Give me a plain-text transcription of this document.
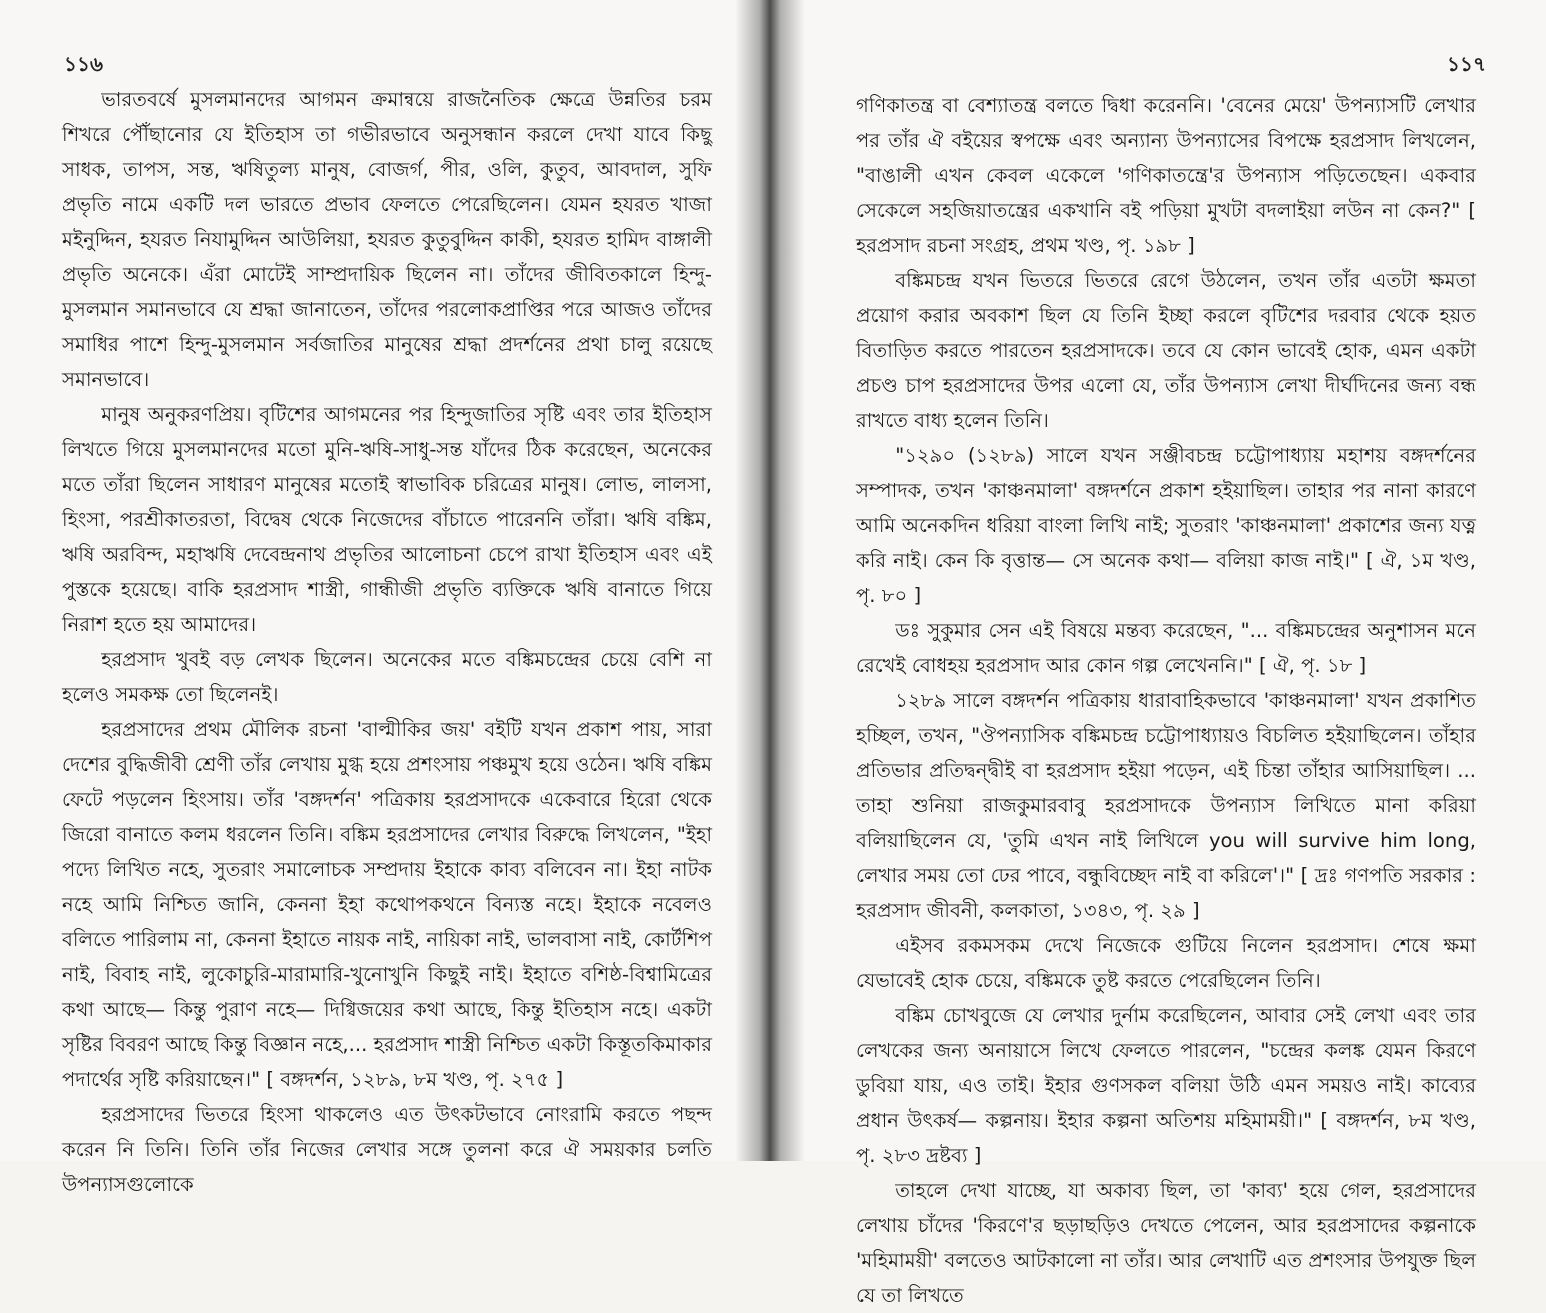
১১৬

ভারতবর্ষে মুসলমানদের আগমন ক্রমান্বয়ে রাজনৈতিক ক্ষেত্রে উন্নতির চরম শিখরে পৌঁছানোর যে ইতিহাস তা গভীরভাবে অনুসন্ধান করলে দেখা যাবে কিছু সাধক, তাপস, সন্ত, ঋষিতুল্য মানুষ, বোজর্গ, পীর, ওলি, কুতুব, আবদাল, সুফি প্রভৃতি নামে একটি দল ভারতে প্রভাব ফেলতে পেরেছিলেন। যেমন হযরত খাজা মইনুদ্দিন, হযরত নিযামুদ্দিন আউলিয়া, হযরত কুতুবুদ্দিন কাকী, হযরত হামিদ বাঙ্গালী প্রভৃতি অনেকে। এঁরা মোটেই সাম্প্রদায়িক ছিলেন না। তাঁদের জীবিতকালে হিন্দু-মুসলমান সমানভাবে যে শ্রদ্ধা জানাতেন, তাঁদের পরলোকপ্রাপ্তির পরে আজও তাঁদের সমাধির পাশে হিন্দু-মুসলমান সর্বজাতির মানুষের শ্রদ্ধা প্রদর্শনের প্রথা চালু রয়েছে সমানভাবে।

মানুষ অনুকরণপ্রিয়। বৃটিশের আগমনের পর হিন্দুজাতির সৃষ্টি এবং তার ইতিহাস লিখতে গিয়ে মুসলমানদের মতো মুনি-ঋষি-সাধু-সন্ত যাঁদের ঠিক করেছেন, অনেকের মতে তাঁরা ছিলেন সাধারণ মানুষের মতোই স্বাভাবিক চরিত্রের মানুষ। লোভ, লালসা, হিংসা, পরশ্রীকাতরতা, বিদ্বেষ থেকে নিজেদের বাঁচাতে পারেননি তাঁরা। ঋষি বঙ্কিম, ঋষি অরবিন্দ, মহাঋষি দেবেন্দ্রনাথ প্রভৃতির আলোচনা চেপে রাখা ইতিহাস এবং এই পুস্তকে হয়েছে। বাকি হরপ্রসাদ শাস্ত্রী, গান্ধীজী প্রভৃতি ব্যক্তিকে ঋষি বানাতে গিয়ে নিরাশ হতে হয় আমাদের।

হরপ্রসাদ খুবই বড় লেখক ছিলেন। অনেকের মতে বঙ্কিমচন্দ্রের চেয়ে বেশি না হলেও সমকক্ষ তো ছিলেনই।

হরপ্রসাদের প্রথম মৌলিক রচনা 'বাল্মীকির জয়' বইটি যখন প্রকাশ পায়, সারা দেশের বুদ্ধিজীবী শ্রেণী তাঁর লেখায় মুগ্ধ হয়ে প্রশংসায় পঞ্চমুখ হয়ে ওঠেন। ঋষি বঙ্কিম ফেটে পড়লেন হিংসায়। তাঁর 'বঙ্গদর্শন' পত্রিকায় হরপ্রসাদকে একেবারে হিরো থেকে জিরো বানাতে কলম ধরলেন তিনি। বঙ্কিম হরপ্রসাদের লেখার বিরুদ্ধে লিখলেন, "ইহা পদ্যে লিখিত নহে, সুতরাং সমালোচক সম্প্রদায় ইহাকে কাব্য বলিবেন না। ইহা নাটক নহে আমি নিশ্চিত জানি, কেননা ইহা কথোপকথনে বিন্যস্ত নহে। ইহাকে নবেলও বলিতে পারিলাম না, কেননা ইহাতে নায়ক নাই, নায়িকা নাই, ভালবাসা নাই, কোর্টশিপ নাই, বিবাহ নাই, লুকোচুরি-মারামারি-খুনোখুনি কিছুই নাই। ইহাতে বশিষ্ঠ-বিশ্বামিত্রের কথা আছে— কিন্তু পুরাণ নহে— দিগ্বিজয়ের কথা আছে, কিন্তু ইতিহাস নহে। একটা সৃষ্টির বিবরণ আছে কিন্তু বিজ্ঞান নহে,... হরপ্রসাদ শাস্ত্রী নিশ্চিত একটা কিস্তূতকিমাকার পদার্থের সৃষ্টি করিয়াছেন।" [ বঙ্গদর্শন, ১২৮৯, ৮ম খণ্ড, পৃ. ২৭৫ ]

হরপ্রসাদের ভিতরে হিংসা থাকলেও এত উৎকটভাবে নোংরামি করতে পছন্দ করেন নি তিনি। তিনি তাঁর নিজের লেখার সঙ্গে তুলনা করে ঐ সময়কার চলতি উপন্যাসগুলোকে

১১৭

গণিকাতন্ত্র বা বেশ্যাতন্ত্র বলতে দ্বিধা করেননি। 'বেনের মেয়ে' উপন্যাসটি লেখার পর তাঁর ঐ বইয়ের স্বপক্ষে এবং অন্যান্য উপন্যাসের বিপক্ষে হরপ্রসাদ লিখলেন, "বাঙালী এখন কেবল একেলে 'গণিকাতন্ত্রে'র উপন্যাস পড়িতেছেন। একবার সেকেলে সহজিয়াতন্ত্রের একখানি বই পড়িয়া মুখটা বদলাইয়া লউন না কেন?" [ হরপ্রসাদ রচনা সংগ্রহ, প্রথম খণ্ড, পৃ. ১৯৮ ]

বঙ্কিমচন্দ্র যখন ভিতরে ভিতরে রেগে উঠলেন, তখন তাঁর এতটা ক্ষমতা প্রয়োগ করার অবকাশ ছিল যে তিনি ইচ্ছা করলে বৃটিশের দরবার থেকে হয়ত বিতাড়িত করতে পারতেন হরপ্রসাদকে। তবে যে কোন ভাবেই হোক, এমন একটা প্রচণ্ড চাপ হরপ্রসাদের উপর এলো যে, তাঁর উপন্যাস লেখা দীর্ঘদিনের জন্য বন্ধ রাখতে বাধ্য হলেন তিনি।

"১২৯০ (১২৮৯) সালে যখন সঞ্জীবচন্দ্র চট্টোপাধ্যায় মহাশয় বঙ্গদর্শনের সম্পাদক, তখন 'কাঞ্চনমালা' বঙ্গদর্শনে প্রকাশ হইয়াছিল। তাহার পর নানা কারণে আমি অনেকদিন ধরিয়া বাংলা লিখি নাই; সুতরাং 'কাঞ্চনমালা' প্রকাশের জন্য যত্ন করি নাই। কেন কি বৃত্তান্ত— সে অনেক কথা— বলিয়া কাজ নাই।" [ ঐ, ১ম খণ্ড, পৃ. ৮০ ]

ডঃ সুকুমার সেন এই বিষয়ে মন্তব্য করেছেন, "... বঙ্কিমচন্দ্রের অনুশাসন মনে রেখেই বোধহয় হরপ্রসাদ আর কোন গল্প লেখেননি।" [ ঐ, পৃ. ১৮ ]

১২৮৯ সালে বঙ্গদর্শন পত্রিকায় ধারাবাহিকভাবে 'কাঞ্চনমালা' যখন প্রকাশিত হচ্ছিল, তখন, "ঔপন্যাসিক বঙ্কিমচন্দ্র চট্টোপাধ্যায়ও বিচলিত হইয়াছিলেন। তাঁহার প্রতিভার প্রতিদ্বন্দ্বীই বা হরপ্রসাদ হইয়া পড়েন, এই চিন্তা তাঁহার আসিয়াছিল। ... তাহা শুনিয়া রাজকুমারবাবু হরপ্রসাদকে উপন্যাস লিখিতে মানা করিয়া বলিয়াছিলেন যে, 'তুমি এখন নাই লিখিলে you will survive him long, লেখার সময় তো ঢের পাবে, বন্ধুবিচ্ছেদ নাই বা করিলে'।" [ দ্রঃ গণপতি সরকার : হরপ্রসাদ জীবনী, কলকাতা, ১৩৪৩, পৃ. ২৯ ]

এইসব রকমসকম দেখে নিজেকে গুটিয়ে নিলেন হরপ্রসাদ। শেষে ক্ষমা যেভাবেই হোক চেয়ে, বঙ্কিমকে তুষ্ট করতে পেরেছিলেন তিনি।

বঙ্কিম চোখবুজে যে লেখার দুর্নাম করেছিলেন, আবার সেই লেখা এবং তার লেখকের জন্য অনায়াসে লিখে ফেলতে পারলেন, "চন্দ্রের কলঙ্ক যেমন কিরণে ডুবিয়া যায়, এও তাই। ইহার গুণসকল বলিয়া উঠি এমন সময়ও নাই। কাব্যের প্রধান উৎকর্ষ— কল্পনায়। ইহার কল্পনা অতিশয় মহিমাময়ী।" [ বঙ্গদর্শন, ৮ম খণ্ড, পৃ. ২৮৩ দ্রষ্টব্য ]

তাহলে দেখা যাচ্ছে, যা অকাব্য ছিল, তা 'কাব্য' হয়ে গেল, হরপ্রসাদের লেখায় চাঁদের 'কিরণে'র ছড়াছড়িও দেখতে পেলেন, আর হরপ্রসাদের কল্পনাকে 'মহিমাময়ী' বলতেও আটকালো না তাঁর। আর লেখাটি এত প্রশংসার উপযুক্ত ছিল যে তা লিখতে
